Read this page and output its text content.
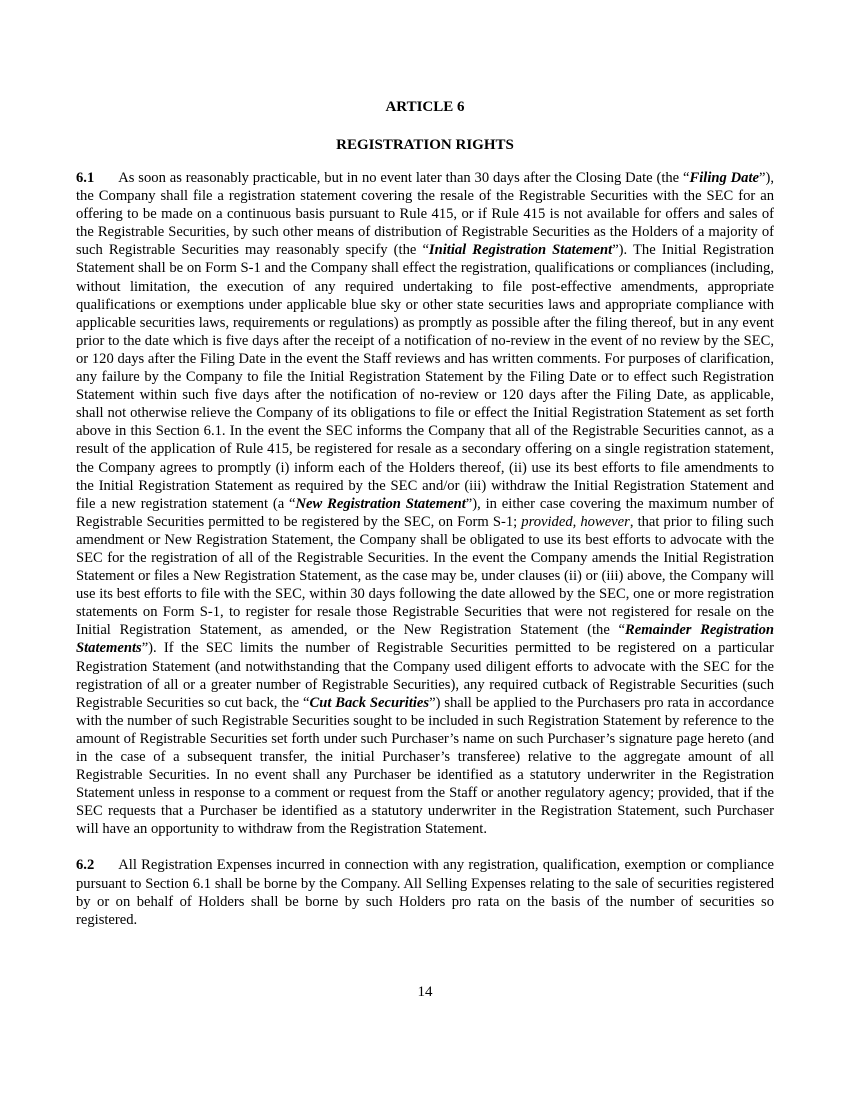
ARTICLE 6
REGISTRATION RIGHTS

6.1 As soon as reasonably practicable, but in no event later than 30 days after the Closing Date (the “Filing Date”), the Company shall file a registration statement covering the resale of the Registrable Securities with the SEC for an offering to be made on a continuous basis pursuant to Rule 415, or if Rule 415 is not available for offers and sales of the Registrable Securities, by such other means of distribution of Registrable Securities as the Holders of a majority of such Registrable Securities may reasonably specify (the “Initial Registration Statement”). The Initial Registration Statement shall be on Form S-1 and the Company shall effect the registration, qualifications or compliances (including, without limitation, the execution of any required undertaking to file post-effective amendments, appropriate qualifications or exemptions under applicable blue sky or other state securities laws and appropriate compliance with applicable securities laws, requirements or regulations) as promptly as possible after the filing thereof, but in any event prior to the date which is five days after the receipt of a notification of no-review in the event of no review by the SEC, or 120 days after the Filing Date in the event the Staff reviews and has written comments. For purposes of clarification, any failure by the Company to file the Initial Registration Statement by the Filing Date or to effect such Registration Statement within such five days after the notification of no-review or 120 days after the Filing Date, as applicable, shall not otherwise relieve the Company of its obligations to file or effect the Initial Registration Statement as set forth above in this Section 6.1. In the event the SEC informs the Company that all of the Registrable Securities cannot, as a result of the application of Rule 415, be registered for resale as a secondary offering on a single registration statement, the Company agrees to promptly (i) inform each of the Holders thereof, (ii) use its best efforts to file amendments to the Initial Registration Statement as required by the SEC and/or (iii) withdraw the Initial Registration Statement and file a new registration statement (a “New Registration Statement”), in either case covering the maximum number of Registrable Securities permitted to be registered by the SEC, on Form S-1; provided, however, that prior to filing such amendment or New Registration Statement, the Company shall be obligated to use its best efforts to advocate with the SEC for the registration of all of the Registrable Securities. In the event the Company amends the Initial Registration Statement or files a New Registration Statement, as the case may be, under clauses (ii) or (iii) above, the Company will use its best efforts to file with the SEC, within 30 days following the date allowed by the SEC, one or more registration statements on Form S-1, to register for resale those Registrable Securities that were not registered for resale on the Initial Registration Statement, as amended, or the New Registration Statement (the “Remainder Registration Statements”). If the SEC limits the number of Registrable Securities permitted to be registered on a particular Registration Statement (and notwithstanding that the Company used diligent efforts to advocate with the SEC for the registration of all or a greater number of Registrable Securities), any required cutback of Registrable Securities (such Registrable Securities so cut back, the “Cut Back Securities”) shall be applied to the Purchasers pro rata in accordance with the number of such Registrable Securities sought to be included in such Registration Statement by reference to the amount of Registrable Securities set forth under such Purchaser’s name on such Purchaser’s signature page hereto (and in the case of a subsequent transfer, the initial Purchaser’s transferee) relative to the aggregate amount of all Registrable Securities. In no event shall any Purchaser be identified as a statutory underwriter in the Registration Statement unless in response to a comment or request from the Staff or another regulatory agency; provided, that if the SEC requests that a Purchaser be identified as a statutory underwriter in the Registration Statement, such Purchaser will have an opportunity to withdraw from the Registration Statement.

6.2 All Registration Expenses incurred in connection with any registration, qualification, exemption or compliance pursuant to Section 6.1 shall be borne by the Company. All Selling Expenses relating to the sale of securities registered by or on behalf of Holders shall be borne by such Holders pro rata on the basis of the number of securities so registered.

14
